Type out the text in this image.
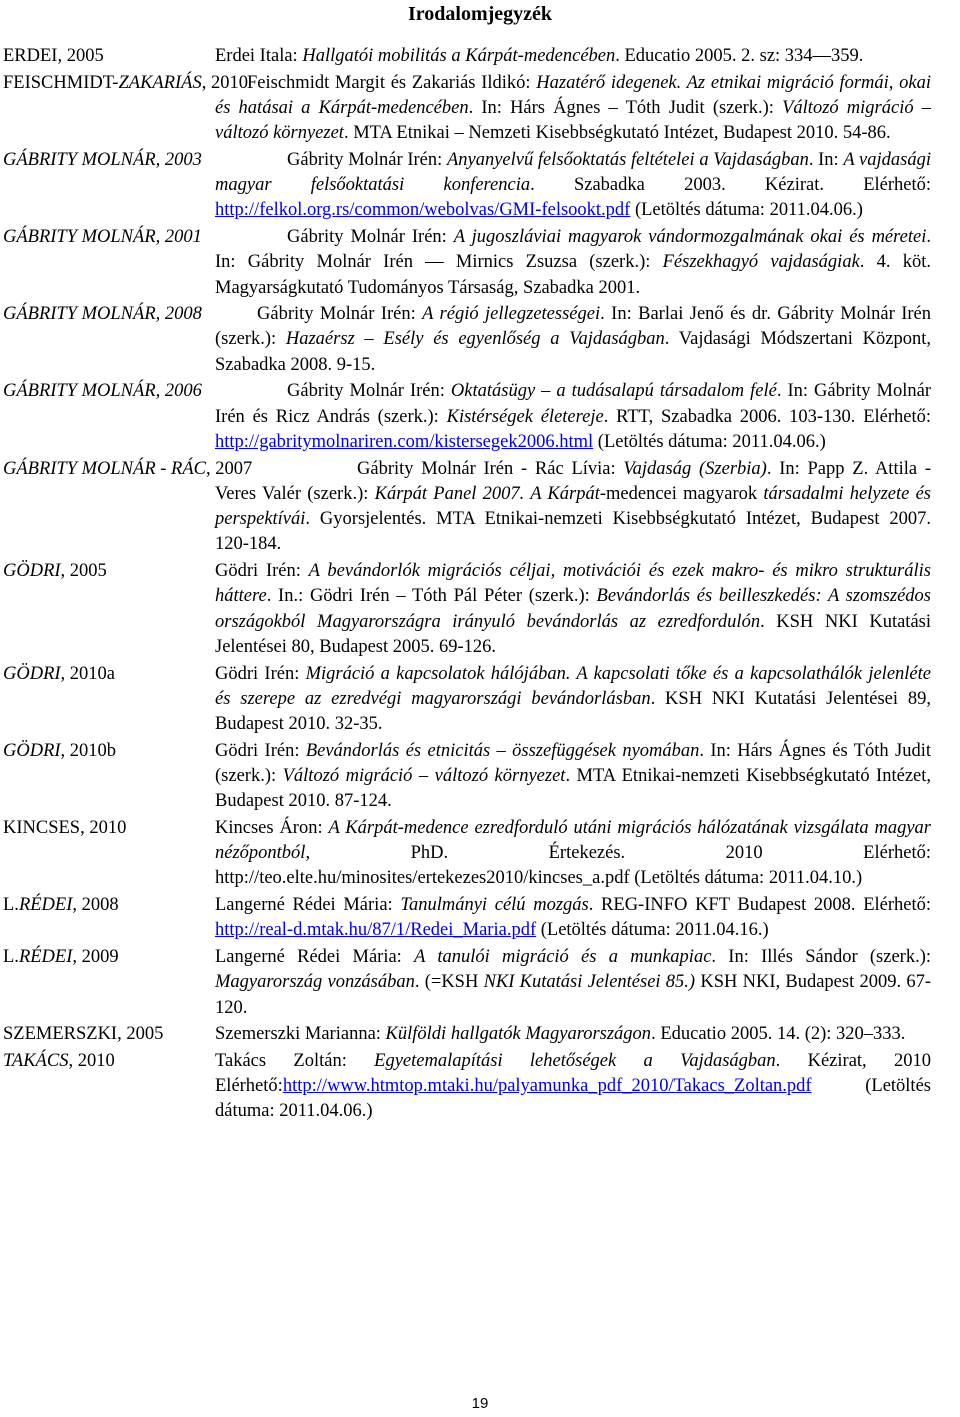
Irodalomjegyzék
ERDEI, 2005	Erdei Itala: Hallgatói mobilitás a Kárpát-medencében. Educatio 2005. 2. sz: 334—359.
FEISCHMIDT-ZAKARIÁS, 2010 Feischmidt Margit és Zakariás Ildikó: Hazatérő idegenek. Az etnikai migráció formái, okai és hatásai a Kárpát-medencében. In: Hárs Ágnes – Tóth Judit (szerk.): Változó migráció – változó környezet. MTA Etnikai – Nemzeti Kisebbségkutató Intézet, Budapest 2010. 54-86.
GÁBRITY MOLNÁR, 2003	Gábrity Molnár Irén: Anyanyelvű felsőoktatás feltételei a Vajdaságban. In: A vajdasági magyar felsőoktatási konferencia. Szabadka 2003. Kézirat. Elérhető: http://felkol.org.rs/common/webolvas/GMI-felsookt.pdf (Letöltés dátuma: 2011.04.06.)
GÁBRITY MOLNÁR, 2001	Gábrity Molnár Irén: A jugoszláviai magyarok vándormozgalmának okai és méretei. In: Gábrity Molnár Irén — Mirnics Zsuzsa (szerk.): Fészekhagyó vajdaságiak. 4. köt. Magyarságkutató Tudományos Társaság, Szabadka 2001.
GÁBRITY MOLNÁR, 2008	Gábrity Molnár Irén: A régió jellegzetességei. In: Barlai Jenő és dr. Gábrity Molnár Irén (szerk.): Hazaérsz – Esély és egyenlőség a Vajdaságban. Vajdasági Módszertani Központ, Szabadka 2008. 9-15.
GÁBRITY MOLNÁR, 2006	Gábrity Molnár Irén: Oktatásügy – a tudásalapú társadalom felé. In: Gábrity Molnár Irén és Ricz András (szerk.): Kistérségek életereje. RTT, Szabadka 2006. 103-130. Elérhető: http://gabritymolnariren.com/kistersegek2006.html (Letöltés dátuma: 2011.04.06.)
GÁBRITY MOLNÁR - RÁC, 2007	Gábrity Molnár Irén - Rác Lívia: Vajdaság (Szerbia). In: Papp Z. Attila - Veres Valér (szerk.): Kárpát Panel 2007. A Kárpát-medencei magyarok társadalmi helyzete és perspektívái. Gyorsjelentés. MTA Etnikai-nemzeti Kisebbségkutató Intézet, Budapest 2007. 120-184.
GÖDRI, 2005	Gödri Irén: A bevándorlók migrációs céljai, motivációi és ezek makro- és mikro strukturális háttere. In.: Gödri Irén – Tóth Pál Péter (szerk.): Bevándorlás és beilleszkedés: A szomszédos országokból Magyarországra irányuló bevándorlás az ezredfordulón. KSH NKI Kutatási Jelentései 80, Budapest 2005. 69-126.
GÖDRI, 2010a	Gödri Irén: Migráció a kapcsolatok hálójában. A kapcsolati tőke és a kapcsolathálók jelenléte és szerepe az ezredvégi magyarországi bevándorlásban. KSH NKI Kutatási Jelentései 89, Budapest 2010. 32-35.
GÖDRI, 2010b	Gödri Irén: Bevándorlás és etnicitás – összefüggések nyomában. In: Hárs Ágnes és Tóth Judit (szerk.): Változó migráció – változó környezet. MTA Etnikai-nemzeti Kisebbségkutató Intézet, Budapest 2010. 87-124.
KINCSES, 2010	Kincses Áron: A Kárpát-medence ezredforduló utáni migrációs hálózatának vizsgálata magyar nézőpontból, PhD. Értekezés. 2010 Elérhető: http://teo.elte.hu/minosites/ertekezes2010/kincses_a.pdf (Letöltés dátuma: 2011.04.10.)
L.RÉDEI, 2008	Langerné Rédei Mária: Tanulmányi célú mozgás. REG-INFO KFT Budapest 2008. Elérhető: http://real-d.mtak.hu/87/1/Redei_Maria.pdf (Letöltés dátuma: 2011.04.16.)
L.RÉDEI, 2009	Langerné Rédei Mária: A tanulói migráció és a munkapiac. In: Illés Sándor (szerk.): Magyarország vonzásában. (=KSH NKI Kutatási Jelentései 85.) KSH NKI, Budapest 2009. 67-120.
SZEMERSZKI, 2005	Szemerszki Marianna: Külföldi hallgatók Magyarországon. Educatio 2005. 14. (2): 320–333.
TAKÁCS, 2010	Takács Zoltán: Egyetemalapítási lehetőségek a Vajdaságban. Kézirat, 2010 Elérhető:http://www.htmtop.mtaki.hu/palyamunka_pdf_2010/Takacs_Zoltan.pdf (Letöltés dátuma: 2011.04.06.)
19
